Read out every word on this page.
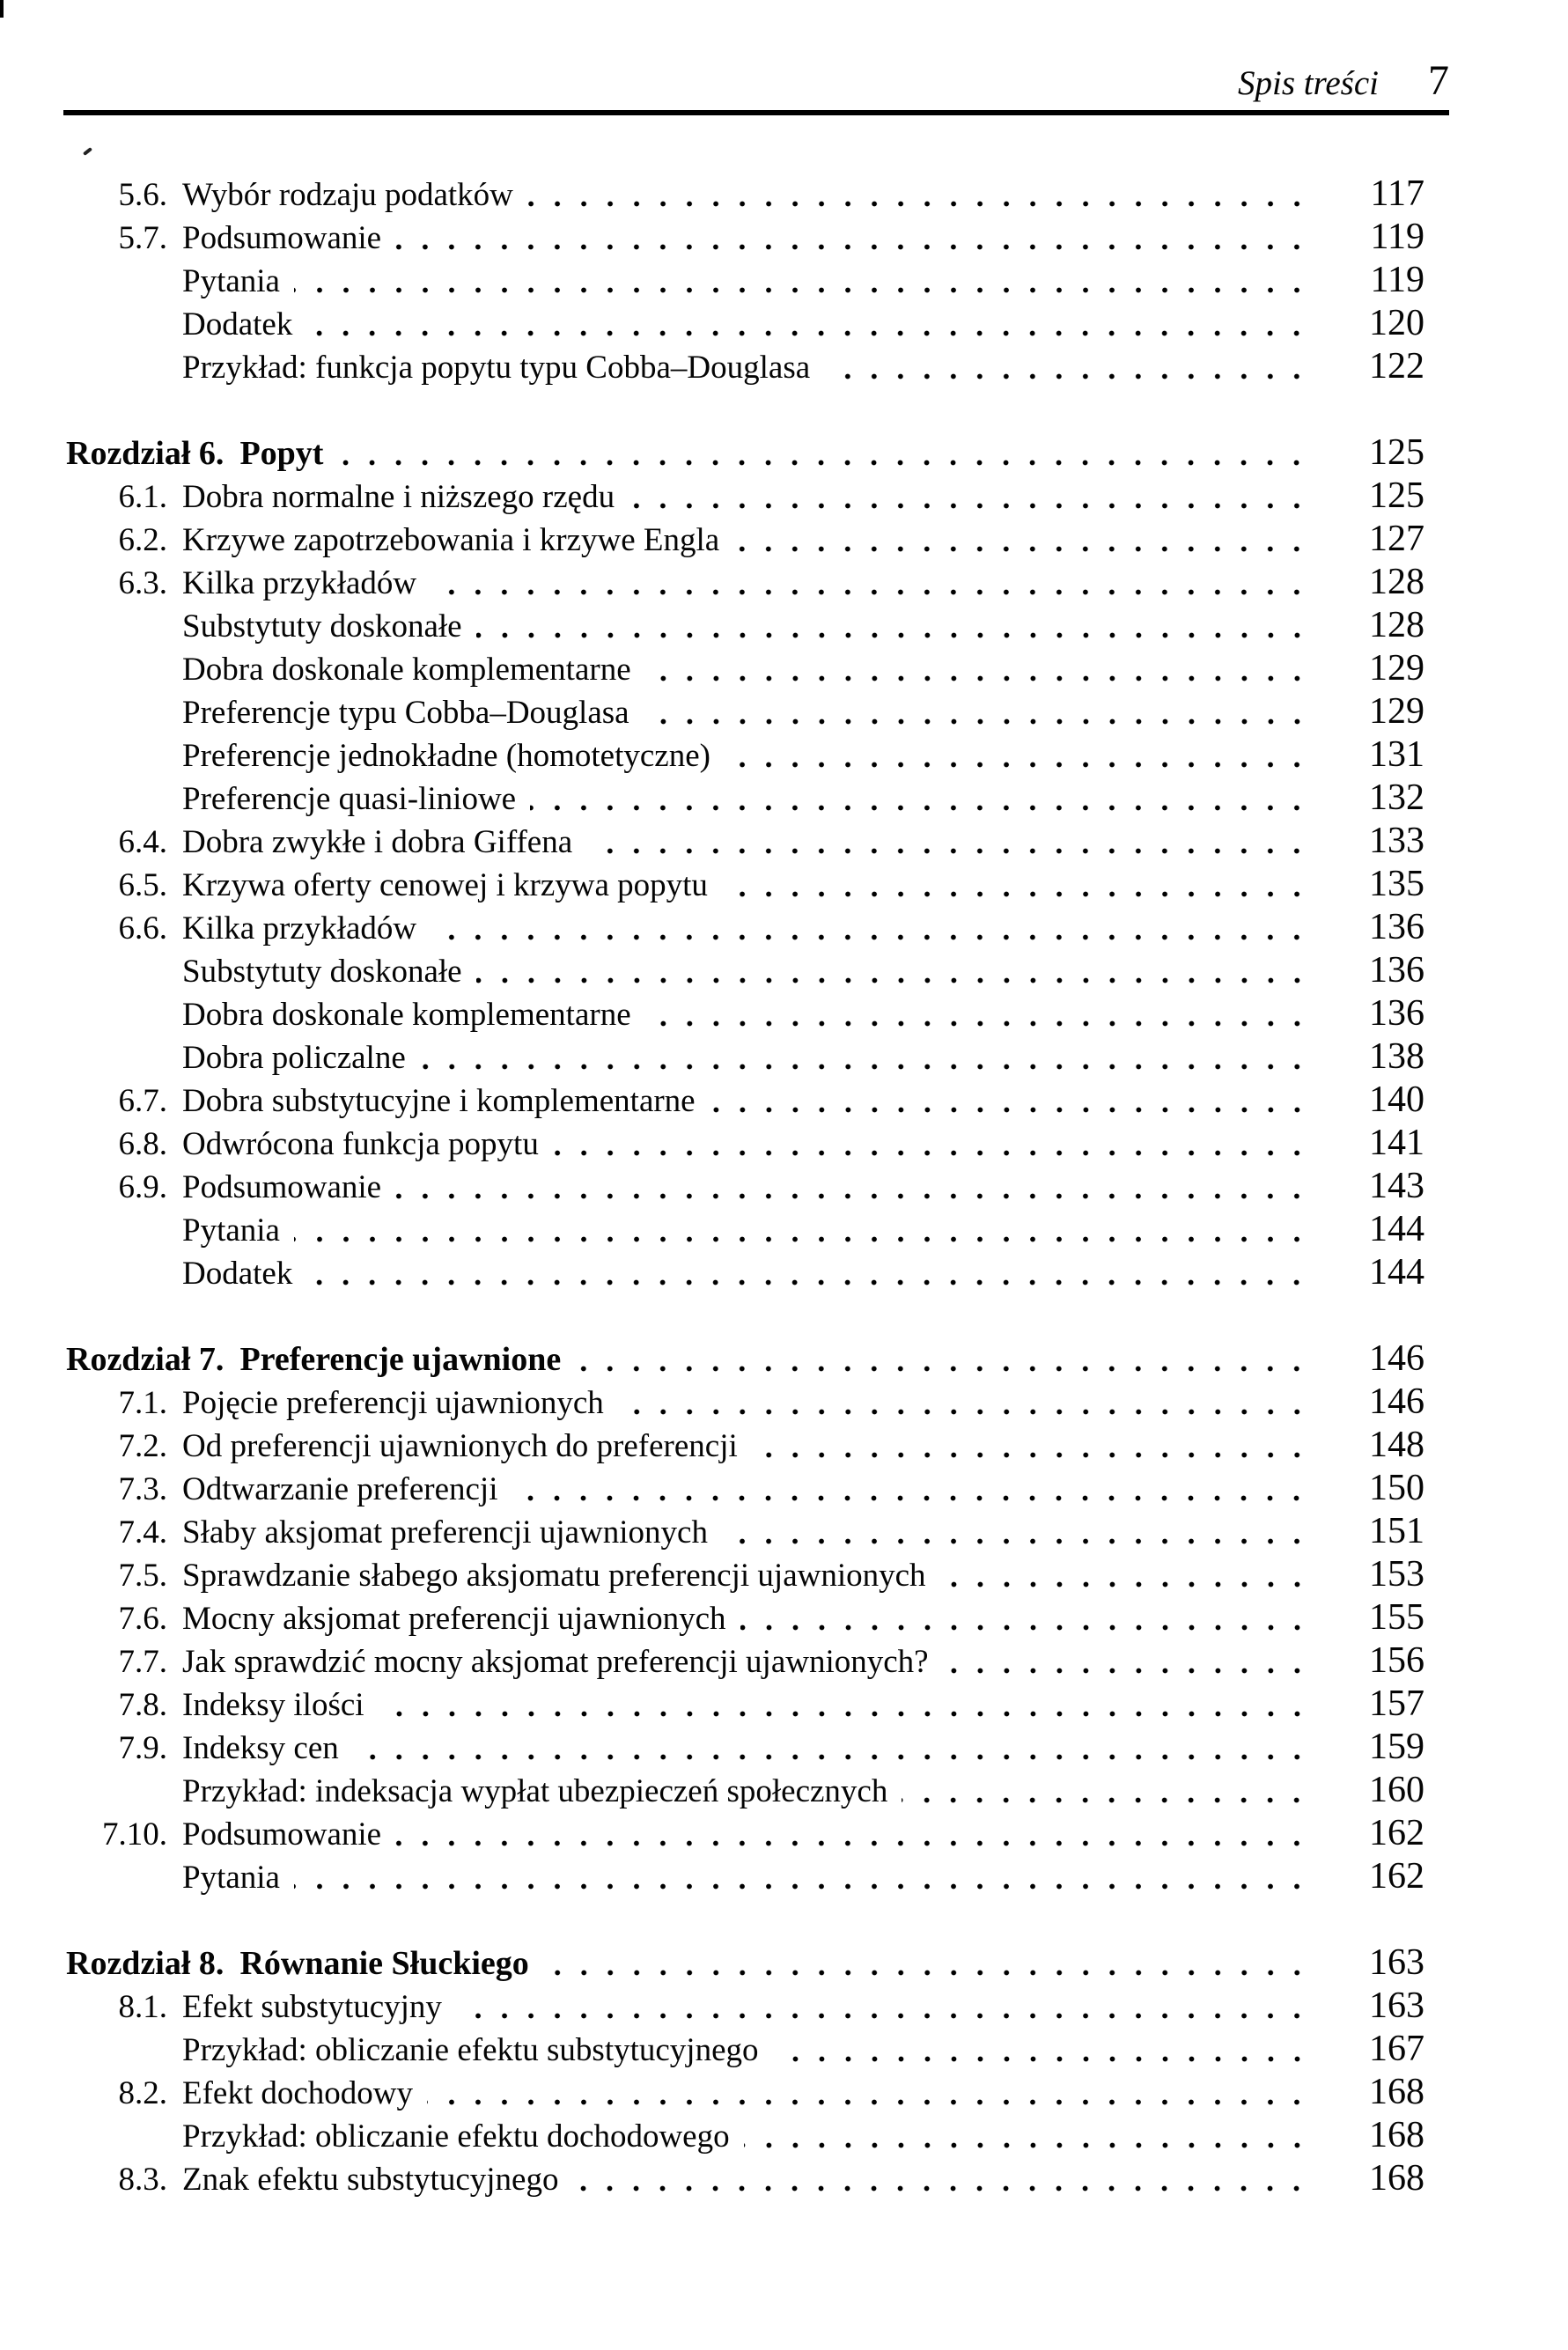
Spis treści 7
5.6. Wybór rodzaju podatków	117
5.7. Podsumowanie	119
Pytania	119
Dodatek	120
Przykład: funkcja popytu typu Cobba–Douglasa	122
Rozdział 6. Popyt	125
6.1. Dobra normalne i niższego rzędu	125
6.2. Krzywe zapotrzebowania i krzywe Engla	127
6.3. Kilka przykładów	128
Substytuty doskonałe	128
Dobra doskonale komplementarne	129
Preferencje typu Cobba–Douglasa	129
Preferencje jednokładne (homotetyczne)	131
Preferencje quasi-liniowe	132
6.4. Dobra zwykłe i dobra Giffena	133
6.5. Krzywa oferty cenowej i krzywa popytu	135
6.6. Kilka przykładów	136
Substytuty doskonałe	136
Dobra doskonale komplementarne	136
Dobra policzalne	138
6.7. Dobra substytucyjne i komplementarne	140
6.8. Odwrócona funkcja popytu	141
6.9. Podsumowanie	143
Pytania	144
Dodatek	144
Rozdział 7. Preferencje ujawnione	146
7.1. Pojęcie preferencji ujawnionych	146
7.2. Od preferencji ujawnionych do preferencji	148
7.3. Odtwarzanie preferencji	150
7.4. Słaby aksjomat preferencji ujawnionych	151
7.5. Sprawdzanie słabego aksjomatu preferencji ujawnionych	153
7.6. Mocny aksjomat preferencji ujawnionych	155
7.7. Jak sprawdzić mocny aksjomat preferencji ujawnionych?	156
7.8. Indeksy ilości	157
7.9. Indeksy cen	159
Przykład: indeksacja wypłat ubezpieczeń społecznych	160
7.10. Podsumowanie	162
Pytania	162
Rozdział 8. Równanie Słuckiego	163
8.1. Efekt substytucyjny	163
Przykład: obliczanie efektu substytucyjnego	167
8.2. Efekt dochodowy	168
Przykład: obliczanie efektu dochodowego	168
8.3. Znak efektu substytucyjnego	168
